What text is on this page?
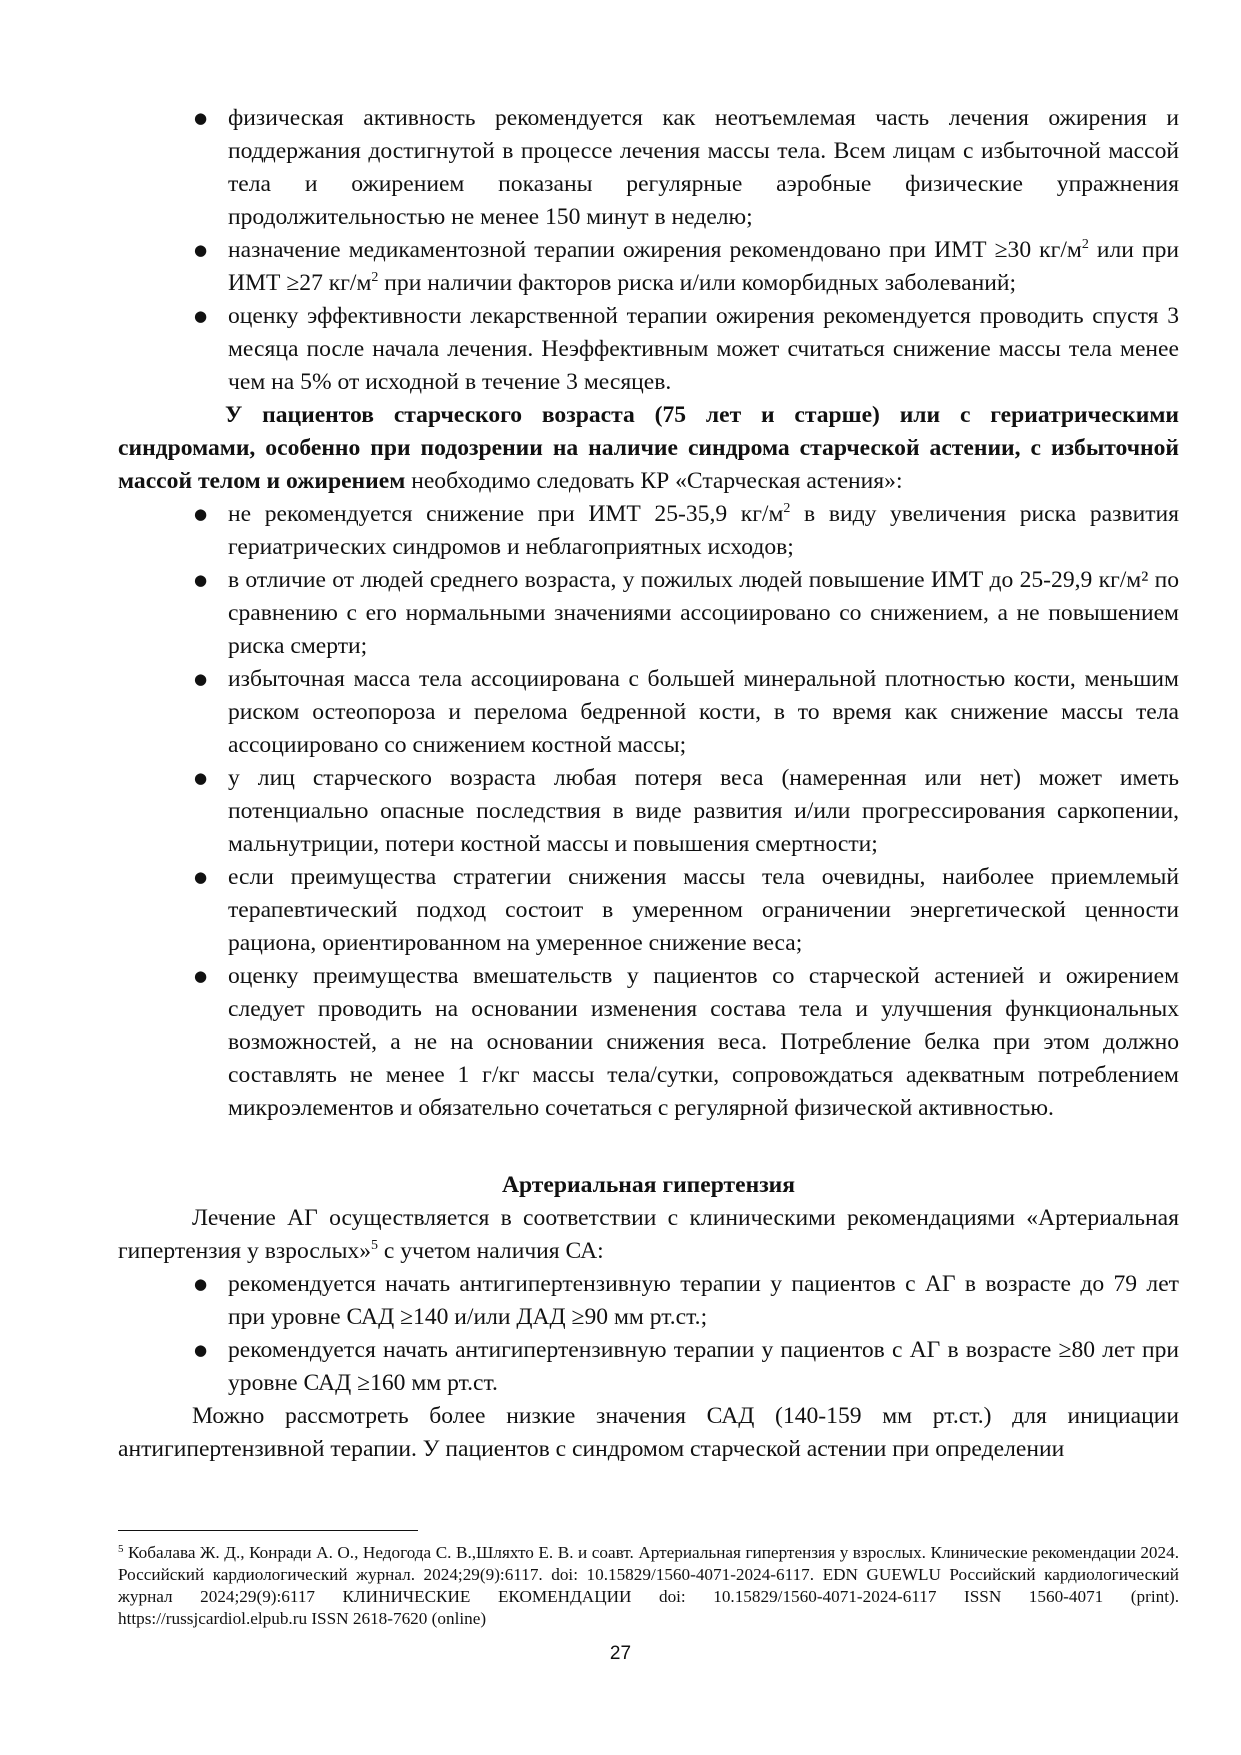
● физическая активность рекомендуется как неотъемлемая часть лечения ожирения и поддержания достигнутой в процессе лечения массы тела. Всем лицам с избыточной массой тела и ожирением показаны регулярные аэробные физические упражнения продолжительностью не менее 150 минут в неделю;
● назначение медикаментозной терапии ожирения рекомендовано при ИМТ ≥30 $кг/м^2$ или при ИМТ ≥27 $кг/м^2$ при наличии факторов риска и/или коморбидных заболеваний;
● оценку эффективности лекарственной терапии ожирения рекомендуется проводить спустя 3 месяца после начала лечения. Неэффективным может считаться снижение массы тела менее чем на 5% от исходной в течение 3 месяцев.

У пациентов старческого возраста (75 лет и старше) или с гериатрическими синдромами, особенно при подозрении на наличие синдрома старческой астении, с избыточной массой телом и ожирением необходимо следовать КР «Старческая астения»:

● не рекомендуется снижение при ИМТ 25-35,9 $кг/м^2$ в виду увеличения риска развития гериатрических синдромов и неблагоприятных исходов;
● в отличие от людей среднего возраста, у пожилых людей повышение ИМТ до 25-29,9 кг/м² по сравнению с его нормальными значениями ассоциировано со снижением, а не повышением риска смерти;
● избыточная масса тела ассоциирована с большей минеральной плотностью кости, меньшим риском остеопороза и перелома бедренной кости, в то время как снижение массы тела ассоциировано со снижением костной массы;
● у лиц старческого возраста любая потеря веса (намеренная или нет) может иметь потенциально опасные последствия в виде развития и/или прогрессирования саркопении, мальнутриции, потери костной массы и повышения смертности;
● если преимущества стратегии снижения массы тела очевидны, наиболее приемлемый терапевтический подход состоит в умеренном ограничении энергетической ценности рациона, ориентированном на умеренное снижение веса;
● оценку преимущества вмешательств у пациентов со старческой астенией и ожирением следует проводить на основании изменения состава тела и улучшения функциональных возможностей, а не на основании снижения веса. Потребление белка при этом должно составлять не менее 1 г/кг массы тела/сутки, сопровождаться адекватным потреблением микроэлементов и обязательно сочетаться с регулярной физической активностью.

Артериальная гипертензия

Лечение АГ осуществляется в соответствии с клиническими рекомендациями «Артериальная гипертензия у взрослых»$^5$ с учетом наличия СА:

● рекомендуется начать антигипертензивную терапии у пациентов с АГ в возрасте до 79 лет при уровне САД ≥140 и/или ДАД ≥90 мм рт.ст.;
● рекомендуется начать антигипертензивную терапии у пациентов с АГ в возрасте ≥80 лет при уровне САД ≥160 мм рт.ст.

Можно рассмотреть более низкие значения САД (140-159 мм рт.ст.) для инициации антигипертензивной терапии. У пациентов с синдромом старческой астении при определении

$^5$ Кобалава Ж. Д., Конради А. О., Недогода С. В.,Шляхто Е. В. и соавт. Артериальная гипертензия у взрослых. Клинические рекомендации 2024. Российский кардиологический журнал. 2024;29(9):6117. doi: 10.15829/1560-4071-2024-6117. EDN GUEWLU Российский кардиологический журнал 2024;29(9):6117 КЛИНИЧЕСКИЕ ЕКОМЕНДАЦИИ doi: 10.15829/1560-4071-2024-6117 ISSN 1560-4071 (print). https://russjcardiol.elpub.ru ISSN 2618-7620 (online)
27
